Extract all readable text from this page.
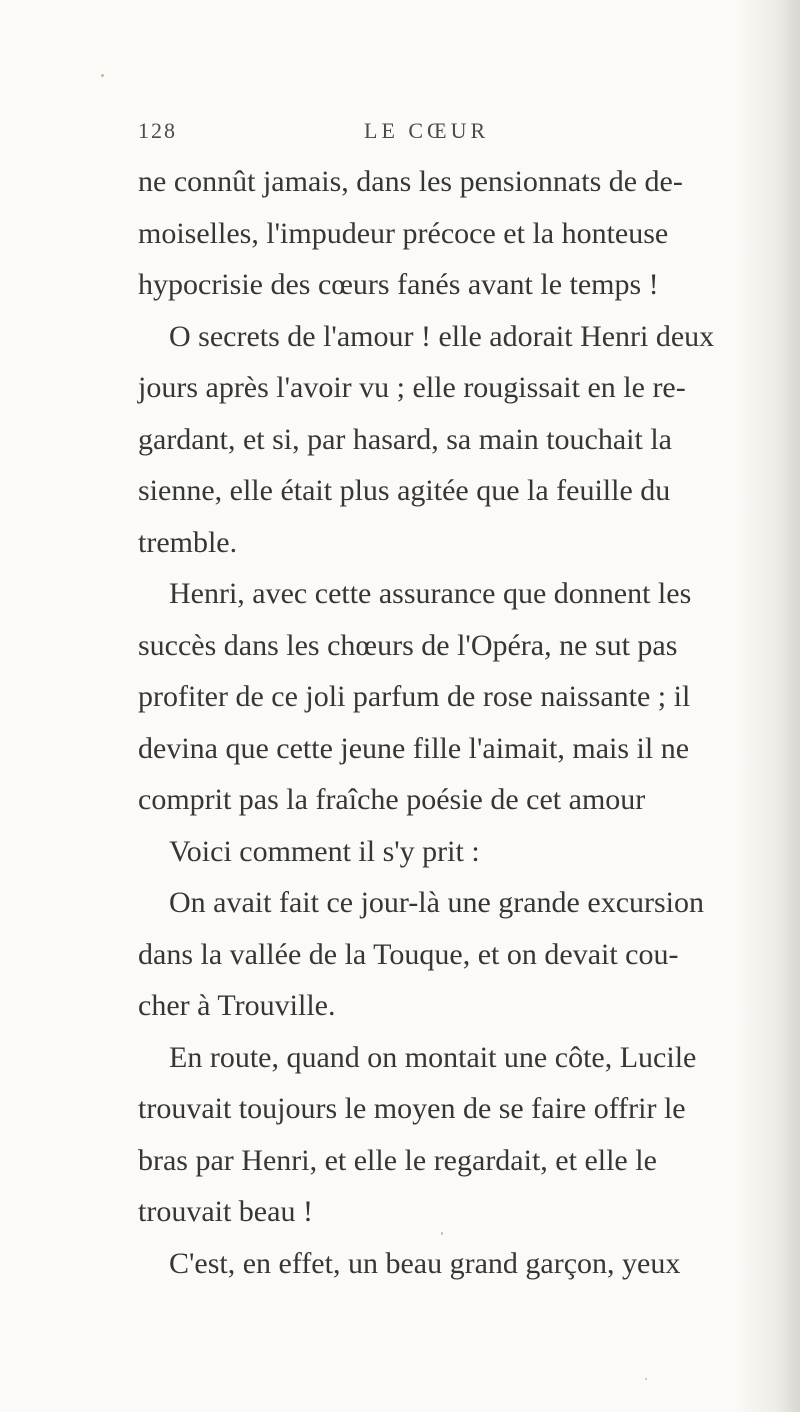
128	LE CŒUR
ne connût jamais, dans les pensionnats de de-
moiselles, l'impudeur précoce et la honteuse
hypocrisie des cœurs fanés avant le temps !
O secrets de l'amour ! elle adorait Henri deux
jours après l'avoir vu ; elle rougissait en le re-
gardant, et si, par hasard, sa main touchait la
sienne, elle était plus agitée que la feuille du
tremble.
Henri, avec cette assurance que donnent les
succès dans les chœurs de l'Opéra, ne sut pas
profiter de ce joli parfum de rose naissante ; il
devina que cette jeune fille l'aimait, mais il ne
comprit pas la fraîche poésie de cet amour
Voici comment il s'y prit :
On avait fait ce jour-là une grande excursion
dans la vallée de la Touque, et on devait cou-
cher à Trouville.
En route, quand on montait une côte, Lucile
trouvait toujours le moyen de se faire offrir le
bras par Henri, et elle le regardait, et elle le
trouvait beau !
C'est, en effet, un beau grand garçon, yeux
